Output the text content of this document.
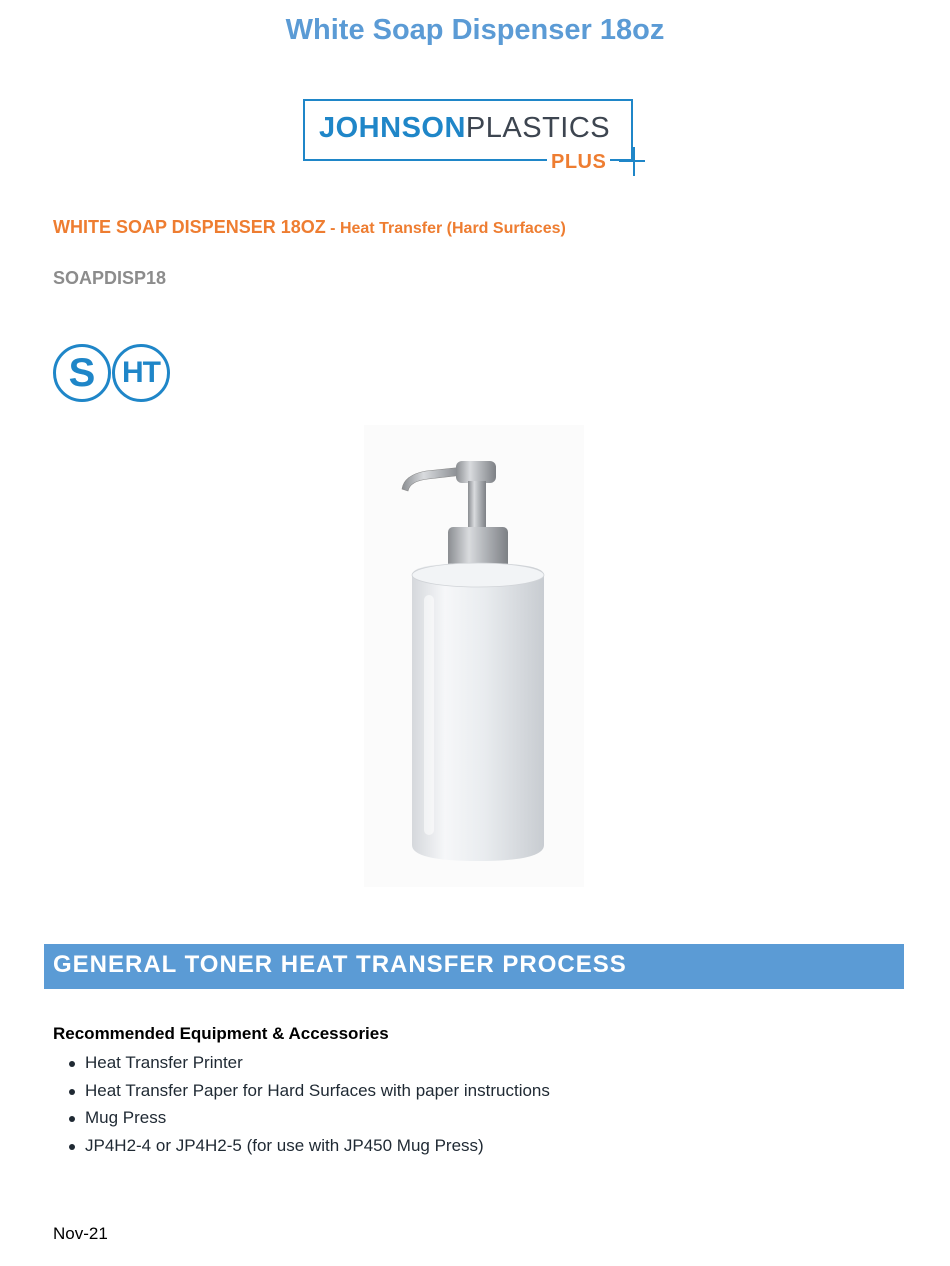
White Soap Dispenser 18oz
JOHNSONPLASTICS
PLUS
WHITE SOAP DISPENSER 18OZ - Heat Transfer (Hard Surfaces)
SOAPDISP18
S HT
GENERAL TONER HEAT TRANSFER PROCESS
Recommended Equipment & Accessories
Heat Transfer Printer
Heat Transfer Paper for Hard Surfaces with paper instructions
Mug Press
JP4H2-4 or JP4H2-5 (for use with JP450 Mug Press)
Nov-21
